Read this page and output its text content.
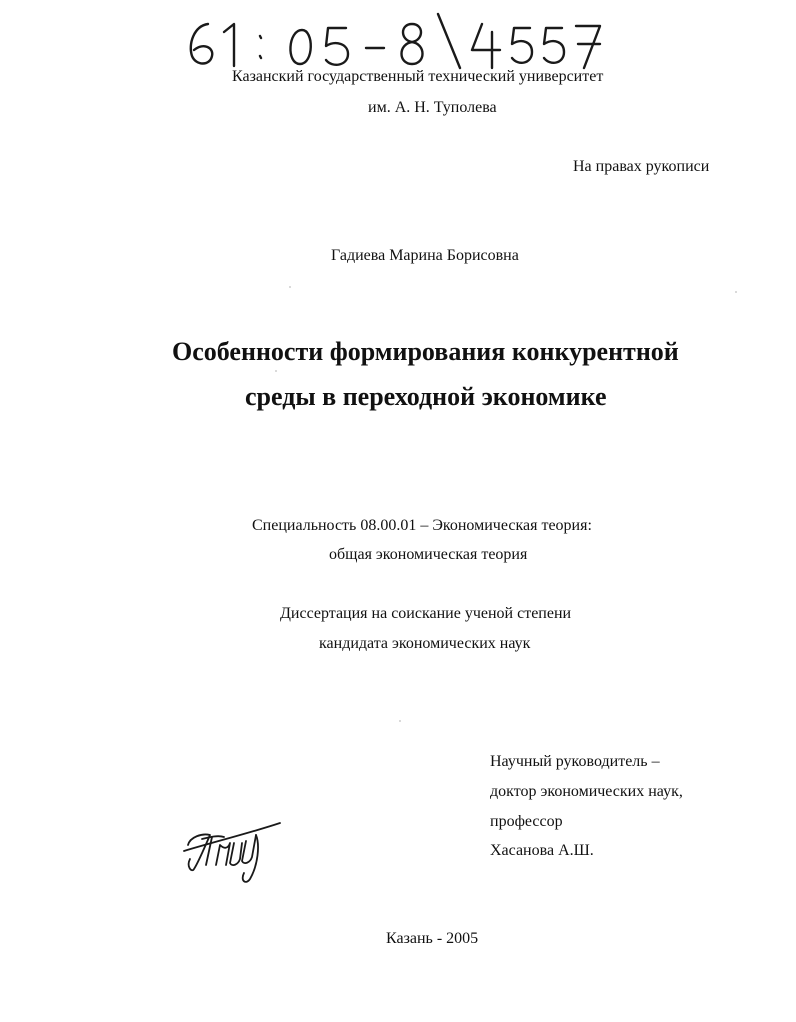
Казанский государственный технический университет
им. А. Н. Туполева
На правах рукописи
Гадиева Марина Борисовна
Особенности формирования конкурентной
среды в переходной экономике
Специальность 08.00.01 – Экономическая теория:
общая экономическая теория
Диссертация на соискание ученой степени
кандидата экономических наук
Научный руководитель –
доктор экономических наук,
профессор
Хасанова А.Ш.
Казань - 2005
